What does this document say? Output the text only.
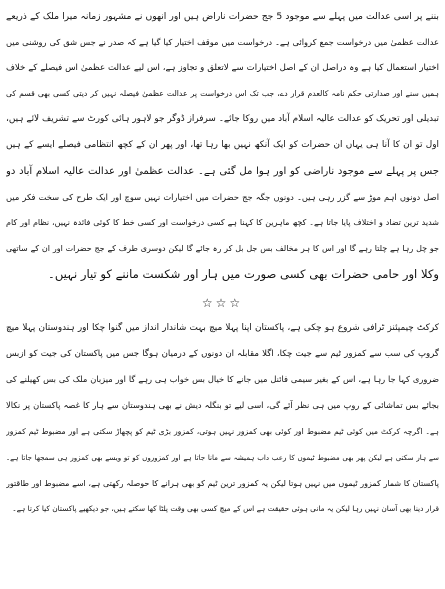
بننے پر اسی عدالت میں پہلے سے موجود 5 جج حضرات ناراض ہیں اور انھوں نے مشہور زمانہ میرا ملک کے ذریعے
عدالت عظمیٰ میں درخواست جمع کروائی ہے۔ درخواست میں موقف اختیار کیا گیا ہے کہ صدر نے جس شق کی روشنی میں
اختیار استعمال کیا ہے وہ دراصل ان کے اصل اختیارات سے لاتعلق و تجاوز ہے، اس لیے عدالت عظمیٰ اس فیصلے کے خلاف
ہمیں سنے اور صدارتی حکم نامہ کالعدم قرار دے، جب تک اس درخواست پر عدالت عظمیٰ فیصلہ نہیں کر دیتی کسی بھی قسم کی
تبدیلی اور تحریک کو عدالت عالیہ اسلام آباد میں روکا جائے۔ سرفراز ڈوگر جو لاہور ہائی کورٹ سے تشریف لائے ہیں،
اول تو ان کا آنا ہی یہاں ان حضرات کو ایک آنکھ نہیں بھا رہا تھا، اور پھر ان کے کچھ انتظامی فیصلے ایسے کے ہیں
جس پر پہلے سے موجود ناراضی کو اور ہوا مل گئی ہے۔ عدالت عظمیٰ اور عدالت عالیہ اسلام آباد دو
اصل دونوں اہم موڑ سے گزر رہی ہیں۔ دونوں جگہ جج حضرات میں اختیارات نہیں سوچ اور ایک طرح کی سخت فکر میں
شدید ترین تضاد و اختلاف پایا جاتا ہے۔ کچھ ماہرین کا کہنا ہے کسی درخواست اور کسی خط کا کوئی فائدہ نہیں، نظام اور کام
جو چل رہا ہے چلتا رہے گا اور اس کا ہر مخالف بس جل بل کر رہ جائے گا لیکن دوسری طرف کے جج حضرات اور ان کے ساتھی
وکلا اور حامی حضرات بھی کسی صورت میں ہار اور شکست ماننے کو تیار نہیں۔
☆☆☆
کرکٹ چیمپئنز ٹرافی شروع ہو چکی ہے، پاکستان اپنا پہلا میچ بہت شاندار انداز میں گنوا چکا اور ہندوستان پہلا میچ
گروپ کی سب سے کمزور ٹیم سے جیت چکا، اگلا مقابلہ ان دونوں کے درمیان ہوگا جس میں پاکستان کی جیت کو ازبس
ضروری کہا جا رہا ہے، اس کے بغیر سیمی فائنل میں جانے کا خیال بس خواب ہی رہے گا اور میزبان ملک کی بس کھیلنے کی
بجائے بس تماشائی کے روپ میں ہی نظر آئے گی، اسی لیے تو بنگلہ دیش نے بھی ہندوستان سے ہار کا غصہ پاکستان پر نکالا
ہے۔ اگرچہ کرکٹ میں کوئی ٹیم مضبوط اور کوئی بھی کمزور نہیں ہوتی، کمزور بڑی ٹیم کو پچھاڑ سکتی ہے اور مضبوط ٹیم کمزور
سے ہار سکتی ہے لیکن پھر بھی مضبوط ٹیموں کا رعب داب ہمیشہ سے مانا جاتا ہے اور کمزوروں کو تو ویسے بھی کمزور ہی سمجھا جاتا ہے۔
پاکستان کا شمار کمزور ٹیموں میں نہیں ہوتا لیکن یہ کمزور ترین ٹیم کو بھی ہرانے کا حوصلہ رکھتی ہے، اسے مضبوط اور طاقتور
قرار دینا بھی آسان نہیں رہا لیکن یہ مانی ہوئی حقیقت ہے اس کے میچ کسی بھی وقت پلٹا کھا سکتے ہیں، جو دیکھیے پاکستان کیا کرتا ہے۔
